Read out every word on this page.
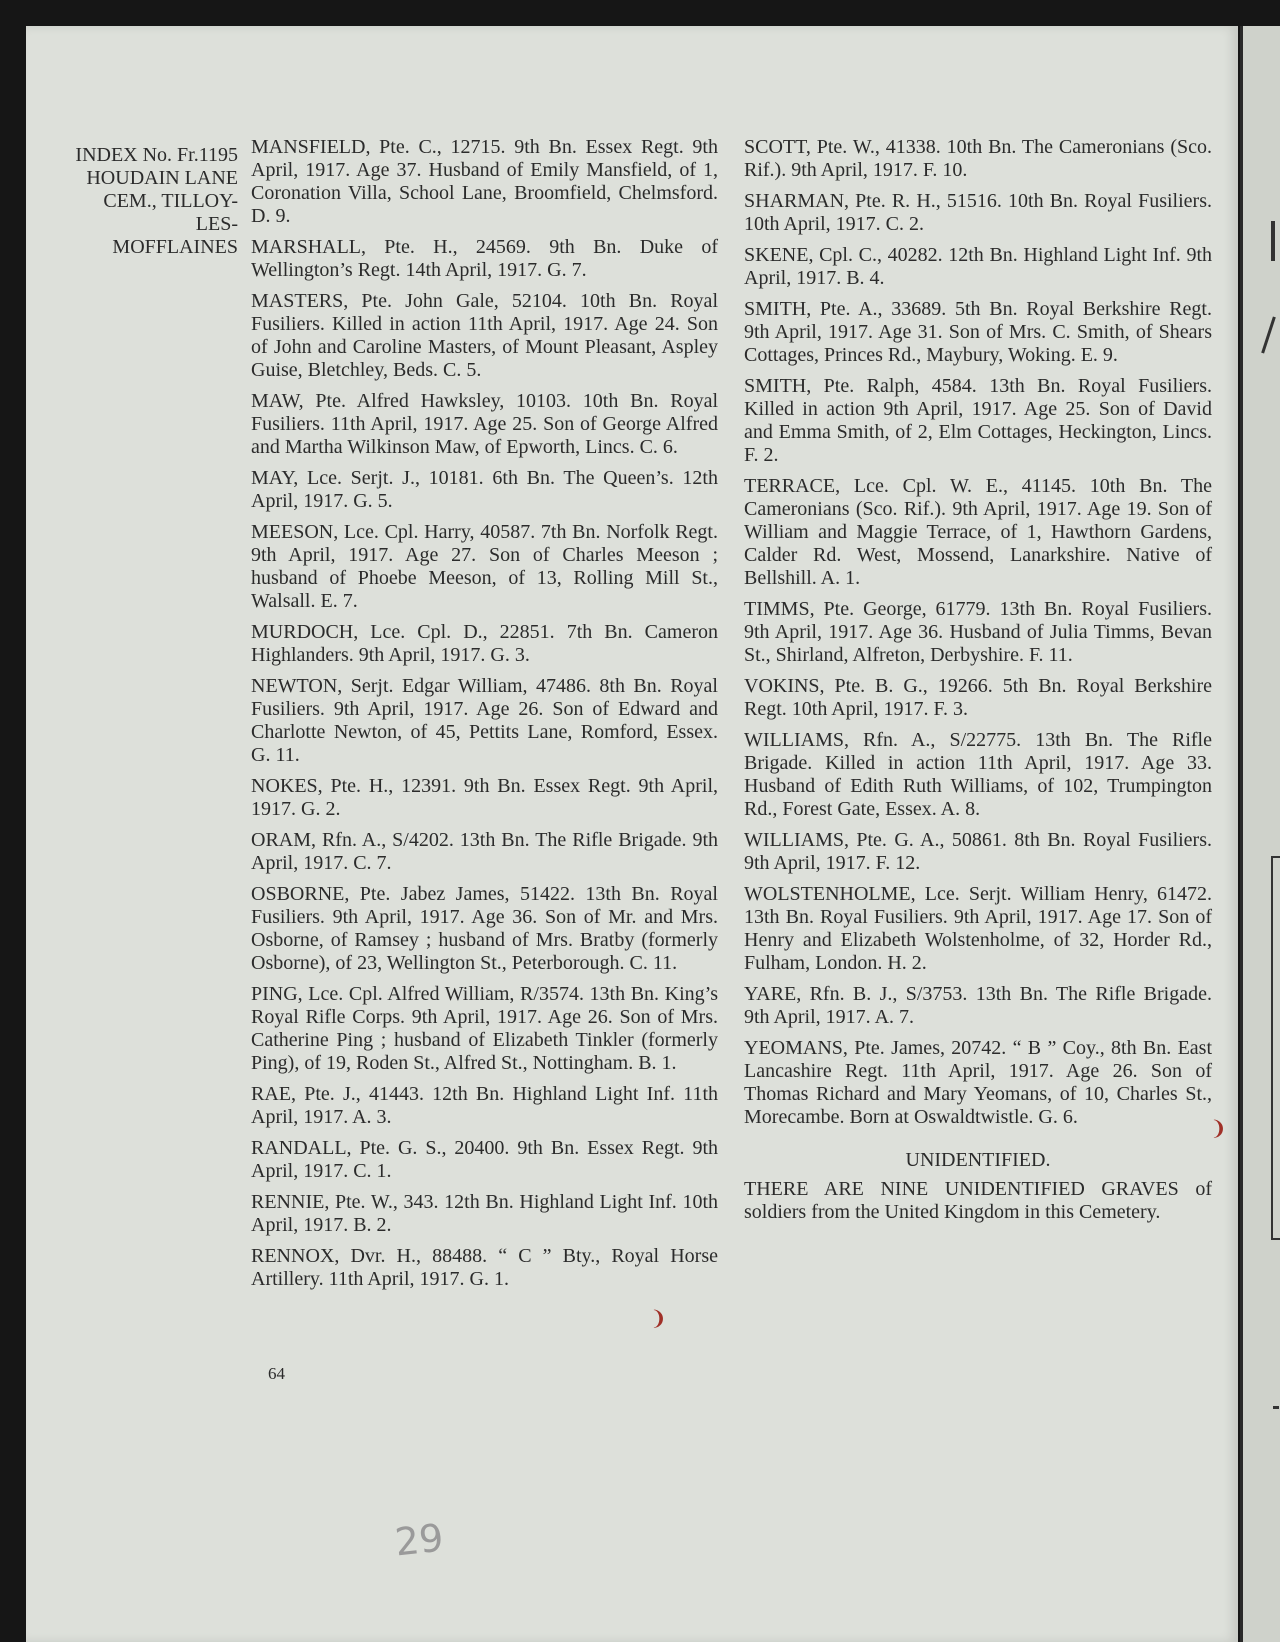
INDEX No. Fr.1195
HOUDAIN LANE
CEM., TILLOY-
LES-
MOFFLAINES

MANSFIELD, Pte. C., 12715. 9th Bn. Essex Regt. 9th April, 1917. Age 37. Husband of Emily Mansfield, of 1, Coronation Villa, School Lane, Broomfield, Chelmsford. D. 9.

MARSHALL, Pte. H., 24569. 9th Bn. Duke of Wellington’s Regt. 14th April, 1917. G. 7.

MASTERS, Pte. John Gale, 52104. 10th Bn. Royal Fusiliers. Killed in action 11th April, 1917. Age 24. Son of John and Caroline Masters, of Mount Pleasant, Aspley Guise, Bletchley, Beds. C. 5.

MAW, Pte. Alfred Hawksley, 10103. 10th Bn. Royal Fusiliers. 11th April, 1917. Age 25. Son of George Alfred and Martha Wilkinson Maw, of Epworth, Lincs. C. 6.

MAY, Lce. Serjt. J., 10181. 6th Bn. The Queen’s. 12th April, 1917. G. 5.

MEESON, Lce. Cpl. Harry, 40587. 7th Bn. Norfolk Regt. 9th April, 1917. Age 27. Son of Charles Meeson ; husband of Phoebe Meeson, of 13, Rolling Mill St., Walsall. E. 7.

MURDOCH, Lce. Cpl. D., 22851. 7th Bn. Cameron Highlanders. 9th April, 1917. G. 3.

NEWTON, Serjt. Edgar William, 47486. 8th Bn. Royal Fusiliers. 9th April, 1917. Age 26. Son of Edward and Charlotte Newton, of 45, Pettits Lane, Romford, Essex. G. 11.

NOKES, Pte. H., 12391. 9th Bn. Essex Regt. 9th April, 1917. G. 2.

ORAM, Rfn. A., S/4202. 13th Bn. The Rifle Brigade. 9th April, 1917. C. 7.

OSBORNE, Pte. Jabez James, 51422. 13th Bn. Royal Fusiliers. 9th April, 1917. Age 36. Son of Mr. and Mrs. Osborne, of Ramsey ; husband of Mrs. Bratby (formerly Osborne), of 23, Wellington St., Peterborough. C. 11.

PING, Lce. Cpl. Alfred William, R/3574. 13th Bn. King’s Royal Rifle Corps. 9th April, 1917. Age 26. Son of Mrs. Catherine Ping ; husband of Elizabeth Tinkler (formerly Ping), of 19, Roden St., Alfred St., Nottingham. B. 1.

RAE, Pte. J., 41443. 12th Bn. Highland Light Inf. 11th April, 1917. A. 3.

RANDALL, Pte. G. S., 20400. 9th Bn. Essex Regt. 9th April, 1917. C. 1.

RENNIE, Pte. W., 343. 12th Bn. Highland Light Inf. 10th April, 1917. B. 2.

RENNOX, Dvr. H., 88488. “ C ” Bty., Royal Horse Artillery. 11th April, 1917. G. 1.

SCOTT, Pte. W., 41338. 10th Bn. The Cameronians (Sco. Rif.). 9th April, 1917. F. 10.

SHARMAN, Pte. R. H., 51516. 10th Bn. Royal Fusiliers. 10th April, 1917. C. 2.

SKENE, Cpl. C., 40282. 12th Bn. Highland Light Inf. 9th April, 1917. B. 4.

SMITH, Pte. A., 33689. 5th Bn. Royal Berkshire Regt. 9th April, 1917. Age 31. Son of Mrs. C. Smith, of Shears Cottages, Princes Rd., Maybury, Woking. E. 9.

SMITH, Pte. Ralph, 4584. 13th Bn. Royal Fusiliers. Killed in action 9th April, 1917. Age 25. Son of David and Emma Smith, of 2, Elm Cottages, Heckington, Lincs. F. 2.

TERRACE, Lce. Cpl. W. E., 41145. 10th Bn. The Cameronians (Sco. Rif.). 9th April, 1917. Age 19. Son of William and Maggie Terrace, of 1, Hawthorn Gardens, Calder Rd. West, Mossend, Lanarkshire. Native of Bellshill. A. 1.

TIMMS, Pte. George, 61779. 13th Bn. Royal Fusiliers. 9th April, 1917. Age 36. Husband of Julia Timms, Bevan St., Shirland, Alfreton, Derbyshire. F. 11.

VOKINS, Pte. B. G., 19266. 5th Bn. Royal Berkshire Regt. 10th April, 1917. F. 3.

WILLIAMS, Rfn. A., S/22775. 13th Bn. The Rifle Brigade. Killed in action 11th April, 1917. Age 33. Husband of Edith Ruth Williams, of 102, Trumpington Rd., Forest Gate, Essex. A. 8.

WILLIAMS, Pte. G. A., 50861. 8th Bn. Royal Fusiliers. 9th April, 1917. F. 12.

WOLSTENHOLME, Lce. Serjt. William Henry, 61472. 13th Bn. Royal Fusiliers. 9th April, 1917. Age 17. Son of Henry and Elizabeth Wolstenholme, of 32, Horder Rd., Fulham, London. H. 2.

YARE, Rfn. B. J., S/3753. 13th Bn. The Rifle Brigade. 9th April, 1917. A. 7.

YEOMANS, Pte. James, 20742. “ B ” Coy., 8th Bn. East Lancashire Regt. 11th April, 1917. Age 26. Son of Thomas Richard and Mary Yeomans, of 10, Charles St., Morecambe. Born at Oswaldtwistle. G. 6.

UNIDENTIFIED.

THERE ARE NINE UNIDENTIFIED GRAVES of soldiers from the United Kingdom in this Cemetery.

64
29
❩
❩
